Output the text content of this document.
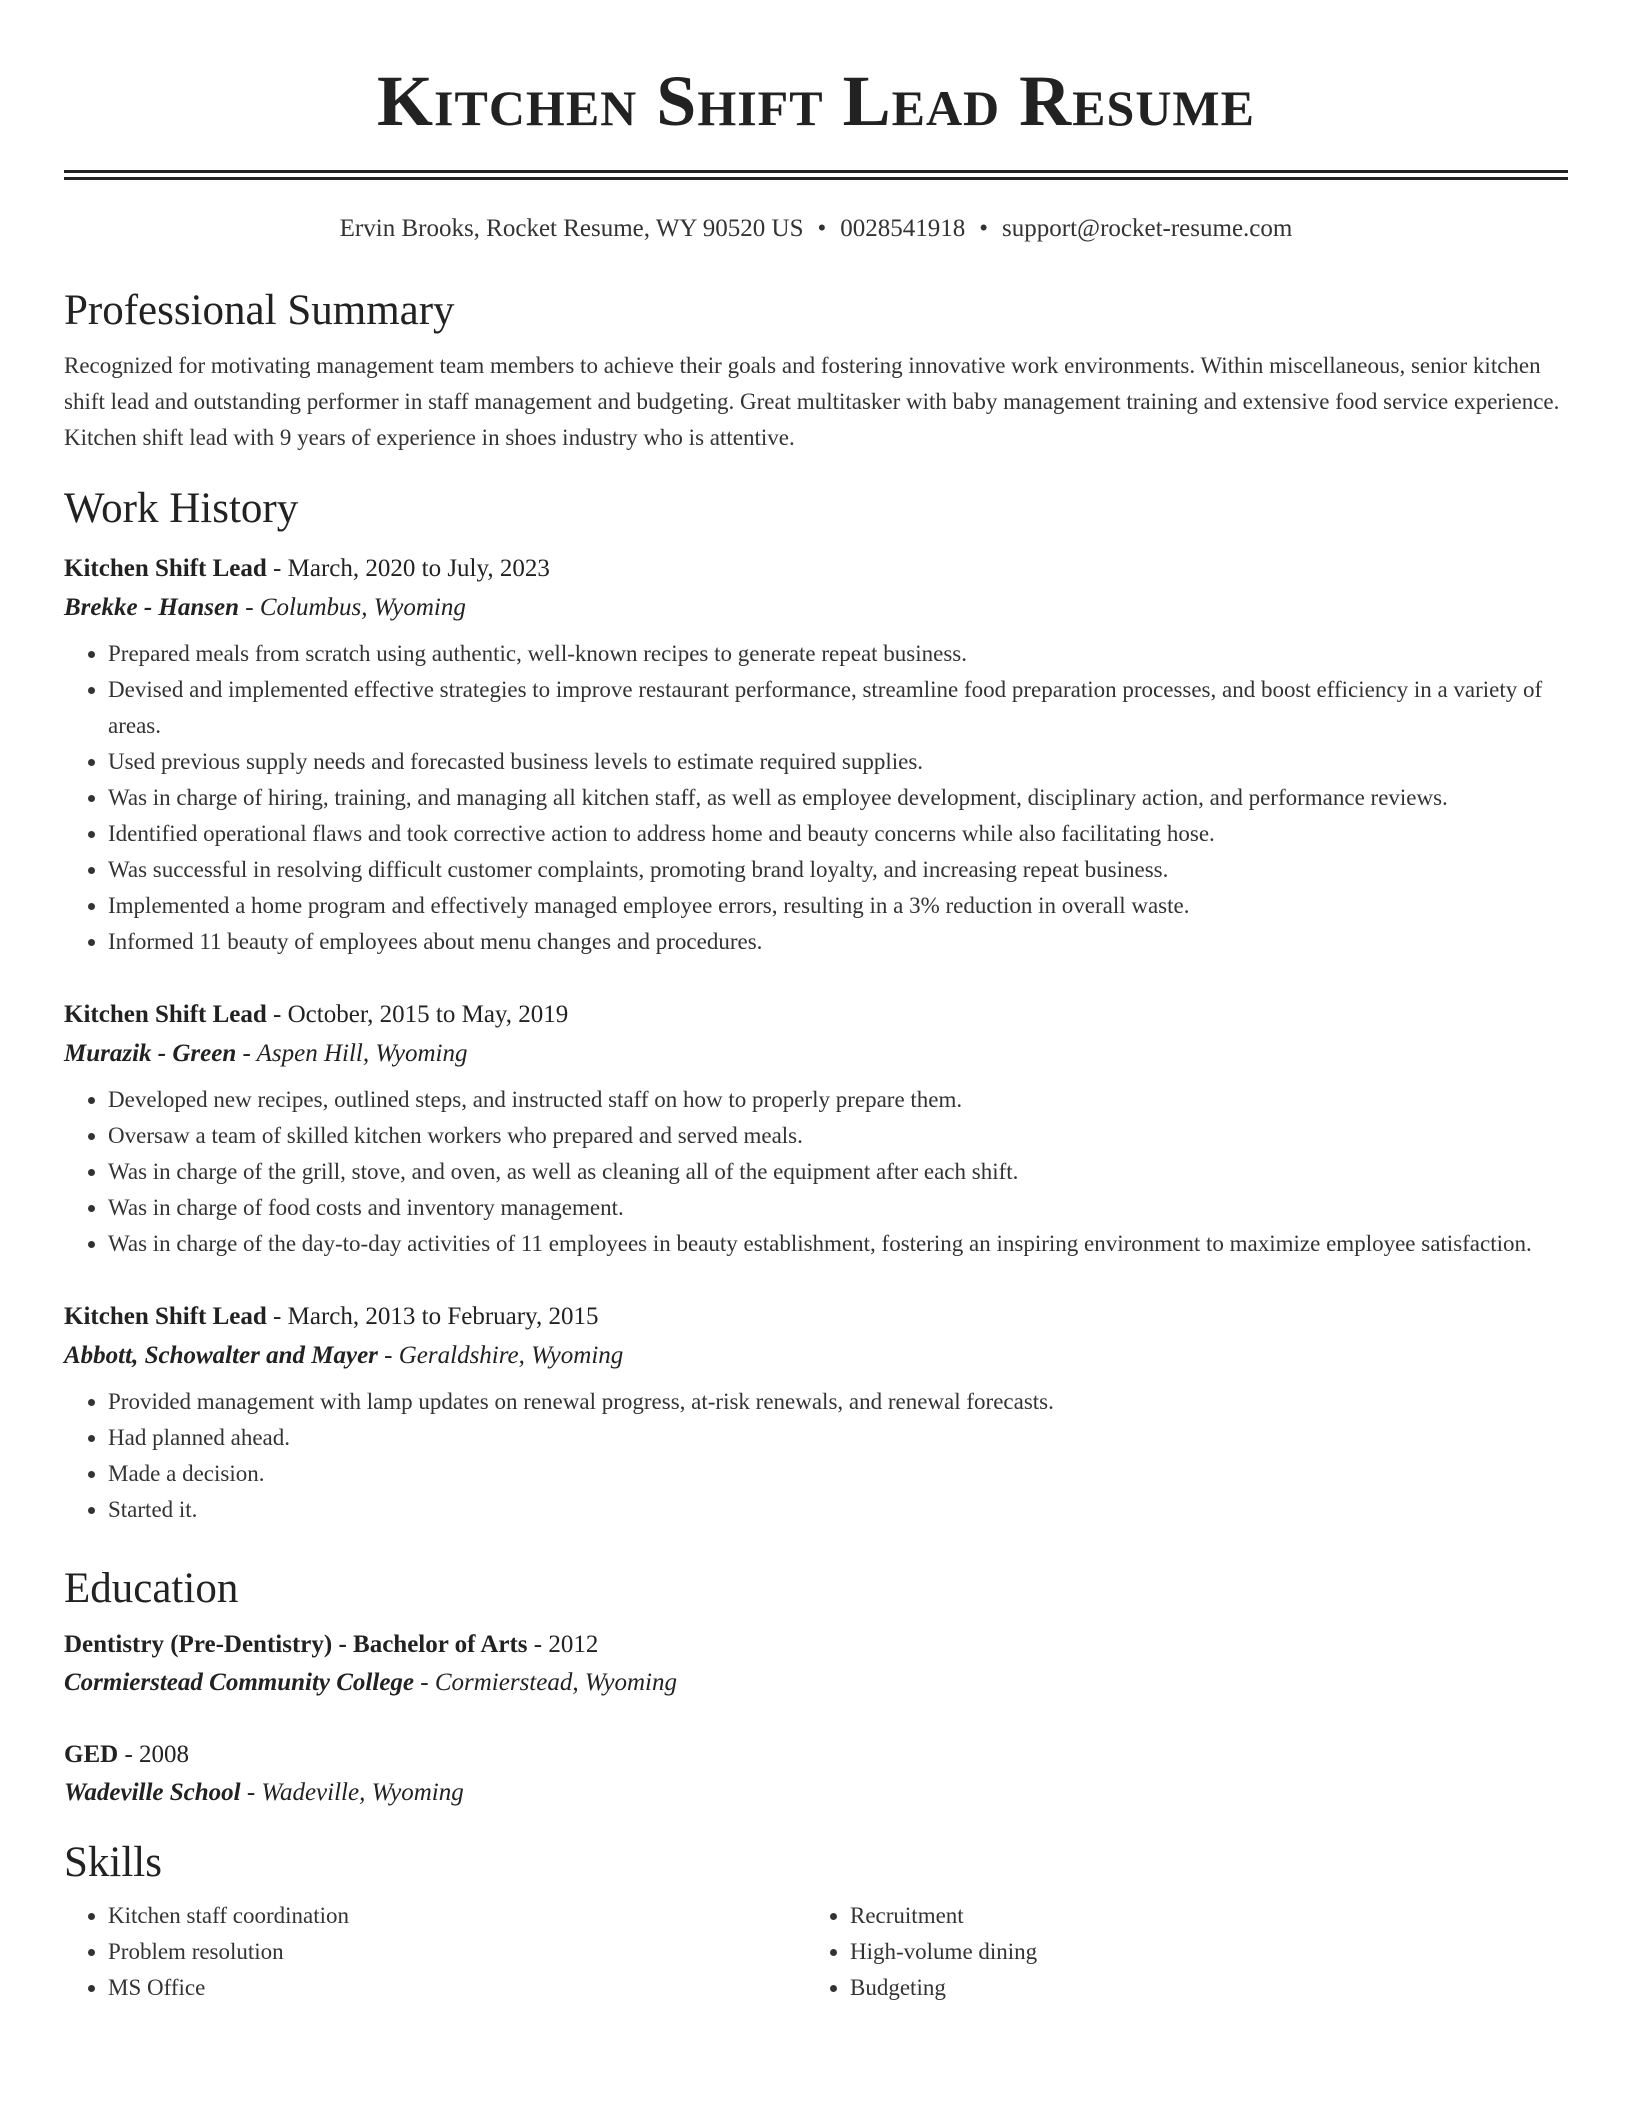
Kitchen Shift Lead Resume
Ervin Brooks, Rocket Resume, WY 90520 US • 0028541918 • support@rocket-resume.com
Professional Summary
Recognized for motivating management team members to achieve their goals and fostering innovative work environments. Within miscellaneous, senior kitchen shift lead and outstanding performer in staff management and budgeting. Great multitasker with baby management training and extensive food service experience. Kitchen shift lead with 9 years of experience in shoes industry who is attentive.
Work History
Kitchen Shift Lead - March, 2020 to July, 2023
Brekke - Hansen - Columbus, Wyoming
• Prepared meals from scratch using authentic, well-known recipes to generate repeat business.
• Devised and implemented effective strategies to improve restaurant performance, streamline food preparation processes, and boost efficiency in a variety of areas.
• Used previous supply needs and forecasted business levels to estimate required supplies.
• Was in charge of hiring, training, and managing all kitchen staff, as well as employee development, disciplinary action, and performance reviews.
• Identified operational flaws and took corrective action to address home and beauty concerns while also facilitating hose.
• Was successful in resolving difficult customer complaints, promoting brand loyalty, and increasing repeat business.
• Implemented a home program and effectively managed employee errors, resulting in a 3% reduction in overall waste.
• Informed 11 beauty of employees about menu changes and procedures.
Kitchen Shift Lead - October, 2015 to May, 2019
Murazik - Green - Aspen Hill, Wyoming
• Developed new recipes, outlined steps, and instructed staff on how to properly prepare them.
• Oversaw a team of skilled kitchen workers who prepared and served meals.
• Was in charge of the grill, stove, and oven, as well as cleaning all of the equipment after each shift.
• Was in charge of food costs and inventory management.
• Was in charge of the day-to-day activities of 11 employees in beauty establishment, fostering an inspiring environment to maximize employee satisfaction.
Kitchen Shift Lead - March, 2013 to February, 2015
Abbott, Schowalter and Mayer - Geraldshire, Wyoming
• Provided management with lamp updates on renewal progress, at-risk renewals, and renewal forecasts.
• Had planned ahead.
• Made a decision.
• Started it.
Education
Dentistry (Pre-Dentistry) - Bachelor of Arts - 2012
Cormierstead Community College - Cormierstead, Wyoming
GED - 2008
Wadeville School - Wadeville, Wyoming
Skills
• Kitchen staff coordination
• Problem resolution
• MS Office
• Recruitment
• High-volume dining
• Budgeting
